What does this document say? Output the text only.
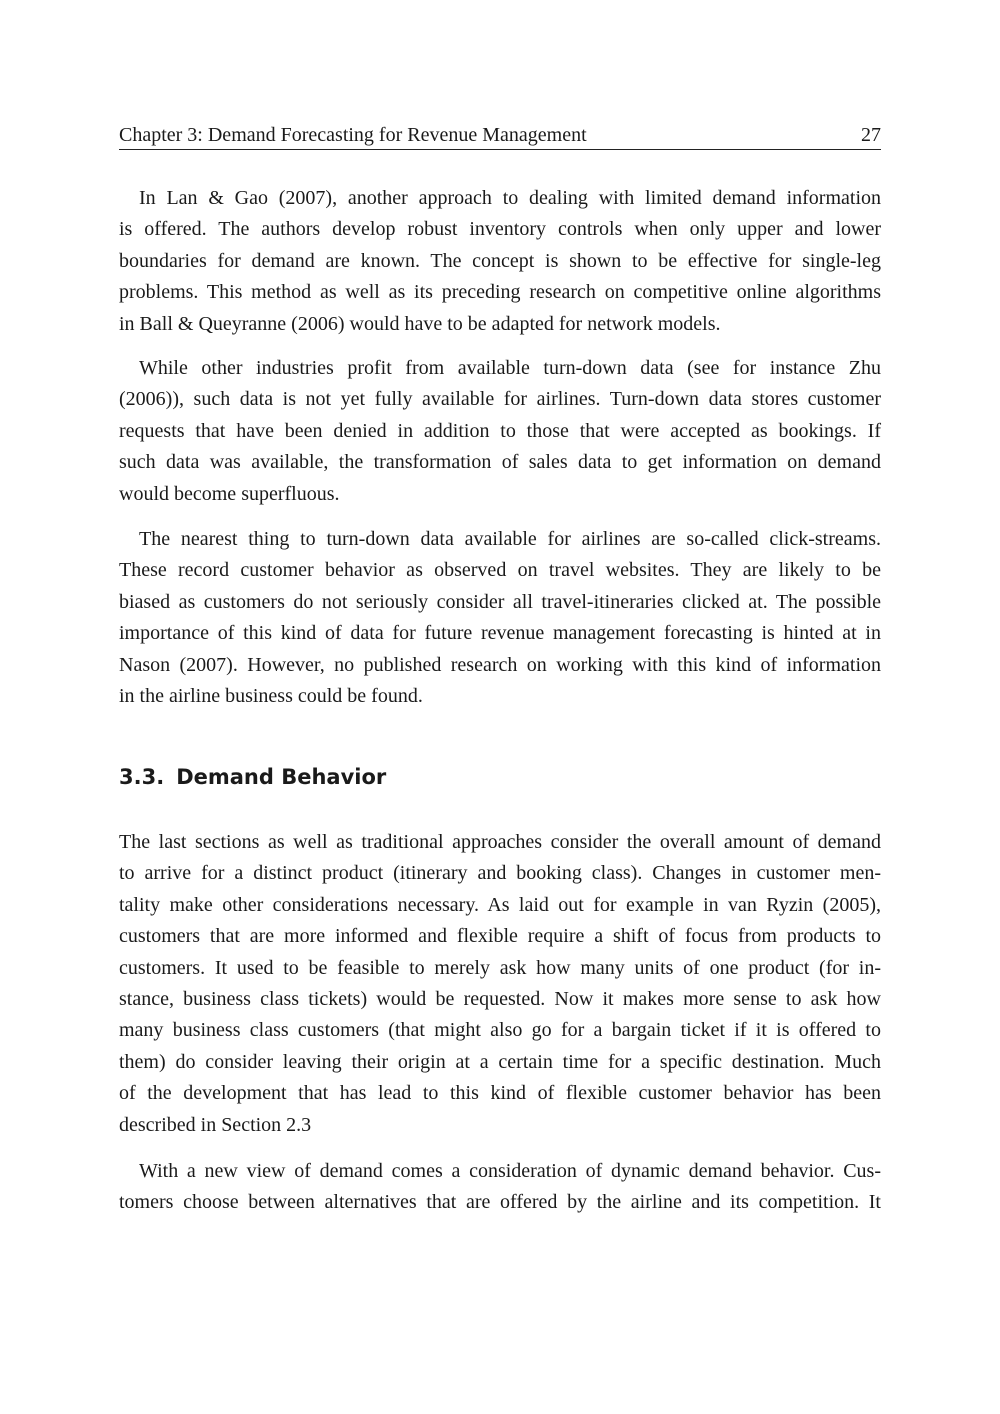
Chapter 3: Demand Forecasting for Revenue Management	27

In Lan & Gao (2007), another approach to dealing with limited demand information
is offered. The authors develop robust inventory controls when only upper and lower
boundaries for demand are known. The concept is shown to be effective for single-leg
problems. This method as well as its preceding research on competitive online algorithms
in Ball & Queyranne (2006) would have to be adapted for network models.

While other industries profit from available turn-down data (see for instance Zhu
(2006)), such data is not yet fully available for airlines. Turn-down data stores customer
requests that have been denied in addition to those that were accepted as bookings. If
such data was available, the transformation of sales data to get information on demand
would become superfluous.

The nearest thing to turn-down data available for airlines are so-called click-streams.
These record customer behavior as observed on travel websites. They are likely to be
biased as customers do not seriously consider all travel-itineraries clicked at. The possible
importance of this kind of data for future revenue management forecasting is hinted at in
Nason (2007). However, no published research on working with this kind of information
in the airline business could be found.

3.3. Demand Behavior

The last sections as well as traditional approaches consider the overall amount of demand
to arrive for a distinct product (itinerary and booking class). Changes in customer men-
tality make other considerations necessary. As laid out for example in van Ryzin (2005),
customers that are more informed and flexible require a shift of focus from products to
customers. It used to be feasible to merely ask how many units of one product (for in-
stance, business class tickets) would be requested. Now it makes more sense to ask how
many business class customers (that might also go for a bargain ticket if it is offered to
them) do consider leaving their origin at a certain time for a specific destination. Much
of the development that has lead to this kind of flexible customer behavior has been
described in Section 2.3

With a new view of demand comes a consideration of dynamic demand behavior. Cus-
tomers choose between alternatives that are offered by the airline and its competition. It
